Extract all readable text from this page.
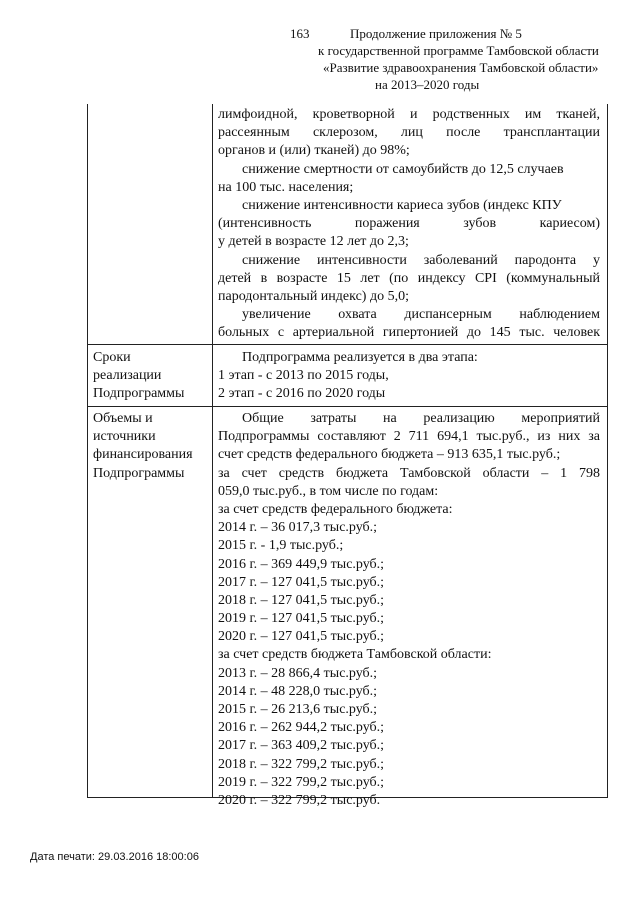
163	Продолжение приложения № 5
к государственной программе Тамбовской области
«Развитие здравоохранения Тамбовской области»
на 2013–2020 годы
лимфоидной, кроветворной и родственных им тканей,
рассеянным склерозом, лиц после трансплантации
органов и (или) тканей) до 98%;
снижение смертности от самоубийств до 12,5 случаев
на 100 тыс. населения;
снижение интенсивности кариеса зубов (индекс КПУ
(интенсивность поражения зубов кариесом)
у детей в возрасте 12 лет до 2,3;
снижение интенсивности заболеваний пародонта у
детей в возрасте 15 лет (по индексу CPI (коммунальный
пародонтальный индекс) до 5,0;
увеличение охвата диспансерным наблюдением
больных с артериальной гипертонией до 145 тыс. человек
Сроки
реализации
Подпрограммы
Подпрограмма реализуется в два этапа:
1 этап - с 2013 по 2015 годы,
2 этап - с 2016 по 2020 годы
Объемы и
источники
финансирования
Подпрограммы
Общие затраты на реализацию мероприятий
Подпрограммы составляют 2 711 694,1 тыс.руб., из них за
счет средств федерального бюджета – 913 635,1 тыс.руб.;
за счет средств бюджета Тамбовской области – 1 798
059,0 тыс.руб., в том числе по годам:
за счет средств федерального бюджета:
2014 г. – 36 017,3 тыс.руб.;
2015 г. - 1,9 тыс.руб.;
2016 г. – 369 449,9 тыс.руб.;
2017 г. – 127 041,5 тыс.руб.;
2018 г. – 127 041,5 тыс.руб.;
2019 г. – 127 041,5 тыс.руб.;
2020 г. – 127 041,5 тыс.руб.;
за счет средств бюджета Тамбовской области:
2013 г. – 28 866,4 тыс.руб.;
2014 г. – 48 228,0 тыс.руб.;
2015 г. – 26 213,6 тыс.руб.;
2016 г. – 262 944,2 тыс.руб.;
2017 г. – 363 409,2 тыс.руб.;
2018 г. – 322 799,2 тыс.руб.;
2019 г. – 322 799,2 тыс.руб.;
2020 г. – 322 799,2 тыс.руб.
Дата печати: 29.03.2016 18:00:06
